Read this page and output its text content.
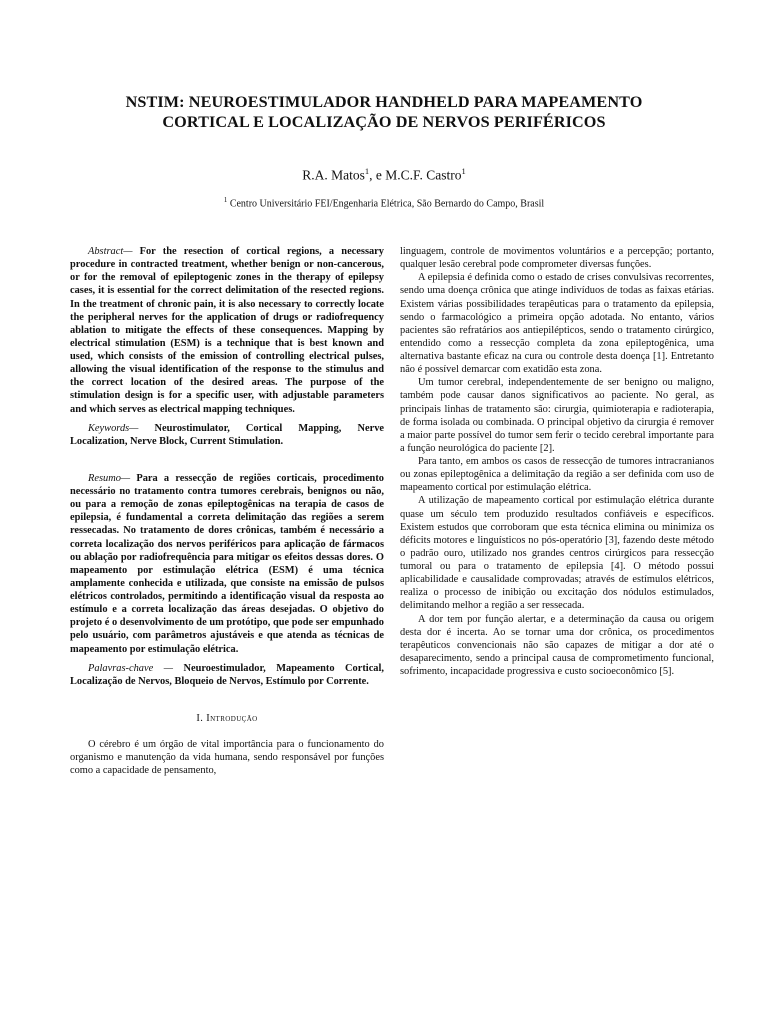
NSTIM: NEUROESTIMULADOR HANDHELD PARA MAPEAMENTO
CORTICAL E LOCALIZAÇÃO DE NERVOS PERIFÉRICOS
R.A. Matos$^1$, e M.C.F. Castro$^1$
$^1$ Centro Universitário FEI/Engenharia Elétrica, São Bernardo do Campo, Brasil

Abstract— For the resection of cortical regions, a necessary procedure in contracted treatment, whether benign or non-cancerous, or for the removal of epileptogenic zones in the therapy of epilepsy cases, it is essential for the correct delimitation of the resected regions. In the treatment of chronic pain, it is also necessary to correctly locate the peripheral nerves for the application of drugs or radiofrequency ablation to mitigate the effects of these consequences. Mapping by electrical stimulation (ESM) is a technique that is best known and used, which consists of the emission of controlling electrical pulses, allowing the visual identification of the response to the stimulus and the correct location of the desired areas. The purpose of the stimulation design is for a specific user, with adjustable parameters and which serves as electrical mapping techniques.

Keywords— Neurostimulator, Cortical Mapping, Nerve Localization, Nerve Block, Current Stimulation.

Resumo— Para a ressecção de regiões corticais, procedimento necessário no tratamento contra tumores cerebrais, benignos ou não, ou para a remoção de zonas epileptogênicas na terapia de casos de epilepsia, é fundamental a correta delimitação das regiões a serem ressecadas. No tratamento de dores crônicas, também é necessário a correta localização dos nervos periféricos para aplicação de fármacos ou ablação por radiofrequência para mitigar os efeitos dessas dores. O mapeamento por estimulação elétrica (ESM) é uma técnica amplamente conhecida e utilizada, que consiste na emissão de pulsos elétricos controlados, permitindo a identificação visual da resposta ao estímulo e a correta localização das áreas desejadas. O objetivo do projeto é o desenvolvimento de um protótipo, que pode ser empunhado pelo usuário, com parâmetros ajustáveis e que atenda as técnicas de mapeamento por estimulação elétrica.

Palavras-chave — Neuroestimulador, Mapeamento Cortical, Localização de Nervos, Bloqueio de Nervos, Estímulo por Corrente.

I. Introdução

O cérebro é um órgão de vital importância para o funcionamento do organismo e manutenção da vida humana, sendo responsável por funções como a capacidade de pensamento,

linguagem, controle de movimentos voluntários e a percepção; portanto, qualquer lesão cerebral pode comprometer diversas funções.

A epilepsia é definida como o estado de crises convulsivas recorrentes, sendo uma doença crônica que atinge indivíduos de todas as faixas etárias. Existem várias possibilidades terapêuticas para o tratamento da epilepsia, sendo o farmacológico a primeira opção adotada. No entanto, vários pacientes são refratários aos antiepilépticos, sendo o tratamento cirúrgico, entendido como a ressecção completa da zona epileptogênica, uma alternativa bastante eficaz na cura ou controle desta doença [1]. Entretanto não é possível demarcar com exatidão esta zona.

Um tumor cerebral, independentemente de ser benigno ou maligno, também pode causar danos significativos ao paciente. No geral, as principais linhas de tratamento são: cirurgia, quimioterapia e radioterapia, de forma isolada ou combinada. O principal objetivo da cirurgia é remover a maior parte possível do tumor sem ferir o tecido cerebral importante para a função neurológica do paciente [2].

Para tanto, em ambos os casos de ressecção de tumores intracranianos ou zonas epileptogênica a delimitação da região a ser definida com uso de mapeamento cortical por estimulação elétrica.

A utilização de mapeamento cortical por estimulação elétrica durante quase um século tem produzido resultados confiáveis e específicos. Existem estudos que corroboram que esta técnica elimina ou minimiza os déficits motores e linguísticos no pós-operatório [3], fazendo deste método o padrão ouro, utilizado nos grandes centros cirúrgicos para ressecção tumoral ou para o tratamento de epilepsia [4]. O método possui aplicabilidade e causalidade comprovadas; através de estímulos elétricos, realiza o processo de inibição ou excitação dos nódulos estimulados, delimitando melhor a região a ser ressecada.

A dor tem por função alertar, e a determinação da causa ou origem desta dor é incerta. Ao se tornar uma dor crônica, os procedimentos terapêuticos convencionais não são capazes de mitigar a dor até o desaparecimento, sendo a principal causa de comprometimento funcional, sofrimento, incapacidade progressiva e custo socioeconômico [5].
